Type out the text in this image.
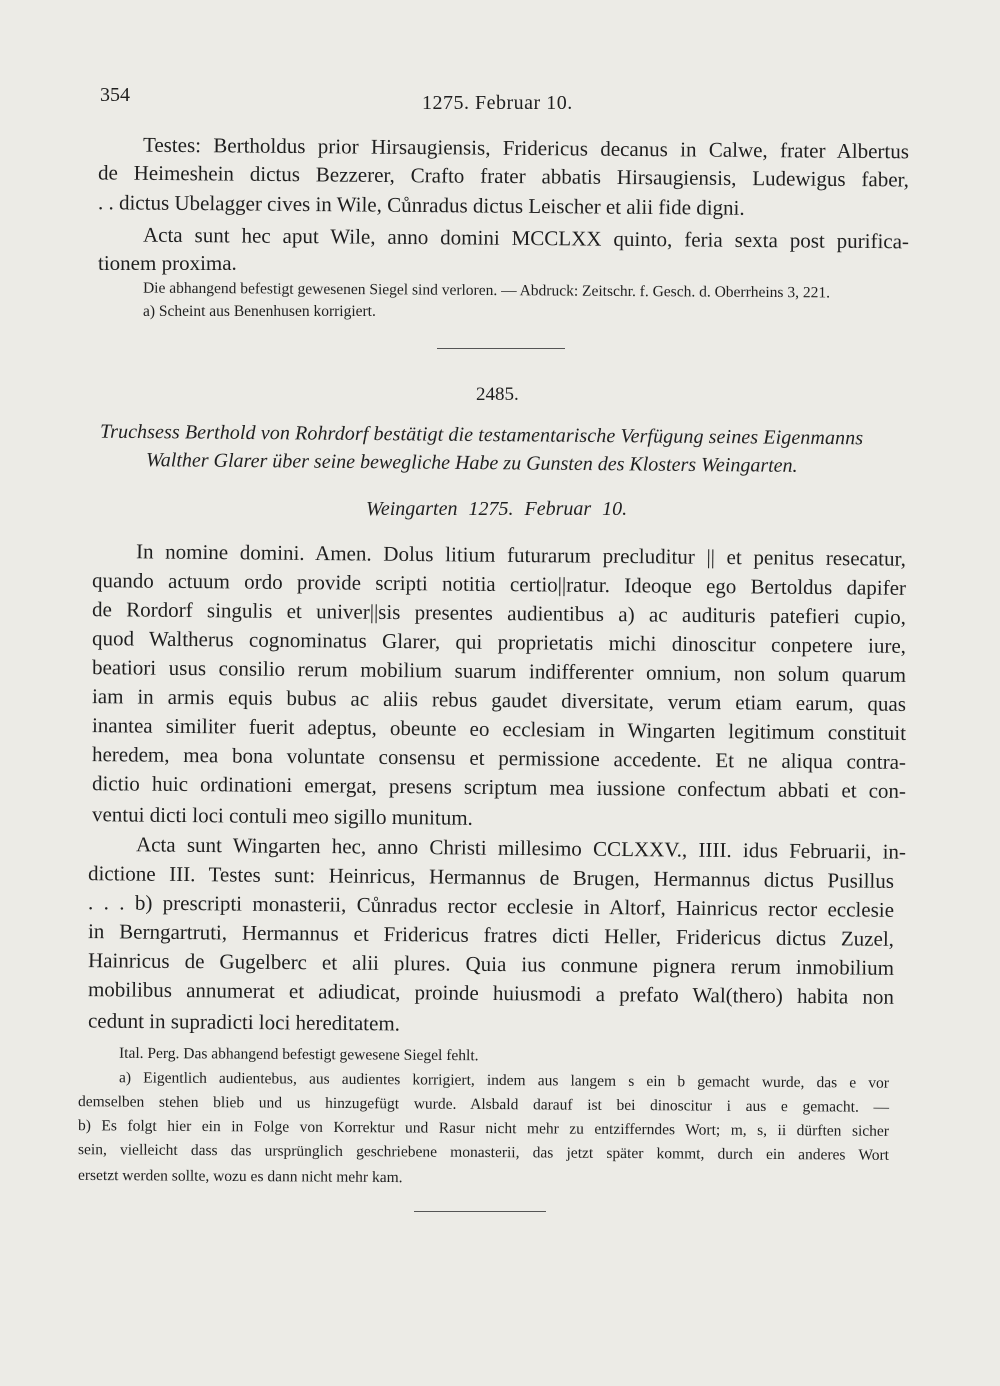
354	1275. Februar 10.
Testes: Bertholdus prior Hirsaugiensis, Fridericus decanus in Calwe, frater Albertus
de Heimeshein dictus Bezzerer, Crafto frater abbatis Hirsaugiensis, Ludewigus faber,
. . dictus Ubelagger cives in Wile, Cůnradus dictus Leischer et alii fide digni.
Acta sunt hec aput Wile, anno domini MCCLXX quinto, feria sexta post purifica-
tionem proxima.
Die abhangend befestigt gewesenen Siegel sind verloren. — Abdruck: Zeitschr. f. Gesch. d. Oberrheins 3, 221.
a) Scheint aus Benenhusen korrigiert.
2485.
Truchsess Berthold von Rohrdorf bestätigt die testamentarische Verfügung seines Eigenmanns
Walther Glarer über seine bewegliche Habe zu Gunsten des Klosters Weingarten.
Weingarten 1275. Februar 10.
In nomine domini. Amen. Dolus litium futurarum precluditur || et penitus resecatur,
quando actuum ordo provide scripti notitia certio||ratur. Ideoque ego Bertoldus dapifer
de Rordorf singulis et univer||sis presentes audientibus a) ac audituris patefieri cupio,
quod Waltherus cognominatus Glarer, qui proprietatis michi dinoscitur conpetere iure,
beatiori usus consilio rerum mobilium suarum indifferenter omnium, non solum quarum
iam in armis equis bubus ac aliis rebus gaudet diversitate, verum etiam earum, quas
inantea similiter fuerit adeptus, obeunte eo ecclesiam in Wingarten legitimum constituit
heredem, mea bona voluntate consensu et permissione accedente. Et ne aliqua contra-
dictio huic ordinationi emergat, presens scriptum mea iussione confectum abbati et con-
ventui dicti loci contuli meo sigillo munitum.
Acta sunt Wingarten hec, anno Christi millesimo CCLXXV., IIII. idus Februarii, in-
dictione III. Testes sunt: Heinricus, Hermannus de Brugen, Hermannus dictus Pusillus
. . . b) prescripti monasterii, Cůnradus rector ecclesie in Altorf, Hainricus rector ecclesie
in Berngartruti, Hermannus et Fridericus fratres dicti Heller, Fridericus dictus Zuzel,
Hainricus de Gugelberc et alii plures. Quia ius conmune pignera rerum inmobilium
mobilibus annumerat et adiudicat, proinde huiusmodi a prefato Wal(thero) habita non
cedunt in supradicti loci hereditatem.
Ital. Perg. Das abhangend befestigt gewesene Siegel fehlt.
a) Eigentlich audientebus, aus audientes korrigiert, indem aus langem s ein b gemacht wurde, das e vor
demselben stehen blieb und us hinzugefügt wurde. Alsbald darauf ist bei dinoscitur i aus e gemacht. —
b) Es folgt hier ein in Folge von Korrektur und Rasur nicht mehr zu entzifferndes Wort; m, s, ii dürften sicher
sein, vielleicht dass das ursprünglich geschriebene monasterii, das jetzt später kommt, durch ein anderes Wort
ersetzt werden sollte, wozu es dann nicht mehr kam.
